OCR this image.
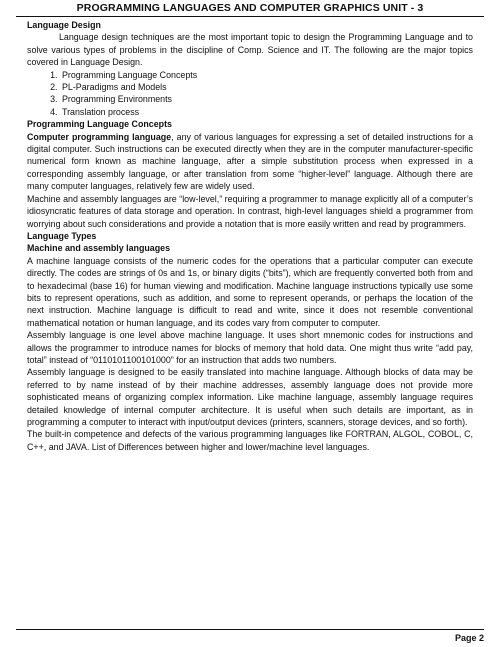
PROGRAMMING LANGUAGES AND COMPUTER GRAPHICS UNIT - 3

Language Design

Language design techniques are the most important topic to design the Programming Language and to solve various types of problems in the discipline of Comp. Science and IT. The following are the major topics covered in Language Design.

1. Programming Language Concepts
2. PL-Paradigms and Models
3. Programming Environments
4. Translation process

Programming Language Concepts

Computer programming language, any of various languages for expressing a set of detailed instructions for a digital computer. Such instructions can be executed directly when they are in the computer manufacturer-specific numerical form known as machine language, after a simple substitution process when expressed in a corresponding assembly language, or after translation from some “higher-level” language. Although there are many computer languages, relatively few are widely used.

Machine and assembly languages are “low-level,” requiring a programmer to manage explicitly all of a computer’s idiosyncratic features of data storage and operation. In contrast, high-level languages shield a programmer from worrying about such considerations and provide a notation that is more easily written and read by programmers.

Language Types

Machine and assembly languages

A machine language consists of the numeric codes for the operations that a particular computer can execute directly. The codes are strings of 0s and 1s, or binary digits (“bits”), which are frequently converted both from and to hexadecimal (base 16) for human viewing and modification. Machine language instructions typically use some bits to represent operations, such as addition, and some to represent operands, or perhaps the location of the next instruction. Machine language is difficult to read and write, since it does not resemble conventional mathematical notation or human language, and its codes vary from computer to computer.

Assembly language is one level above machine language. It uses short mnemonic codes for instructions and allows the programmer to introduce names for blocks of memory that hold data. One might thus write “add pay, total” instead of “0110101100101000” for an instruction that adds two numbers.

Assembly language is designed to be easily translated into machine language. Although blocks of data may be referred to by name instead of by their machine addresses, assembly language does not provide more sophisticated means of organizing complex information. Like machine language, assembly language requires detailed knowledge of internal computer architecture. It is useful when such details are important, as in programming a computer to interact with input/output devices (printers, scanners, storage devices, and so forth).

The built-in competence and defects of the various programming languages like FORTRAN, ALGOL, COBOL, C, C++, and JAVA. List of Differences between higher and lower/machine level languages.

Page 2
